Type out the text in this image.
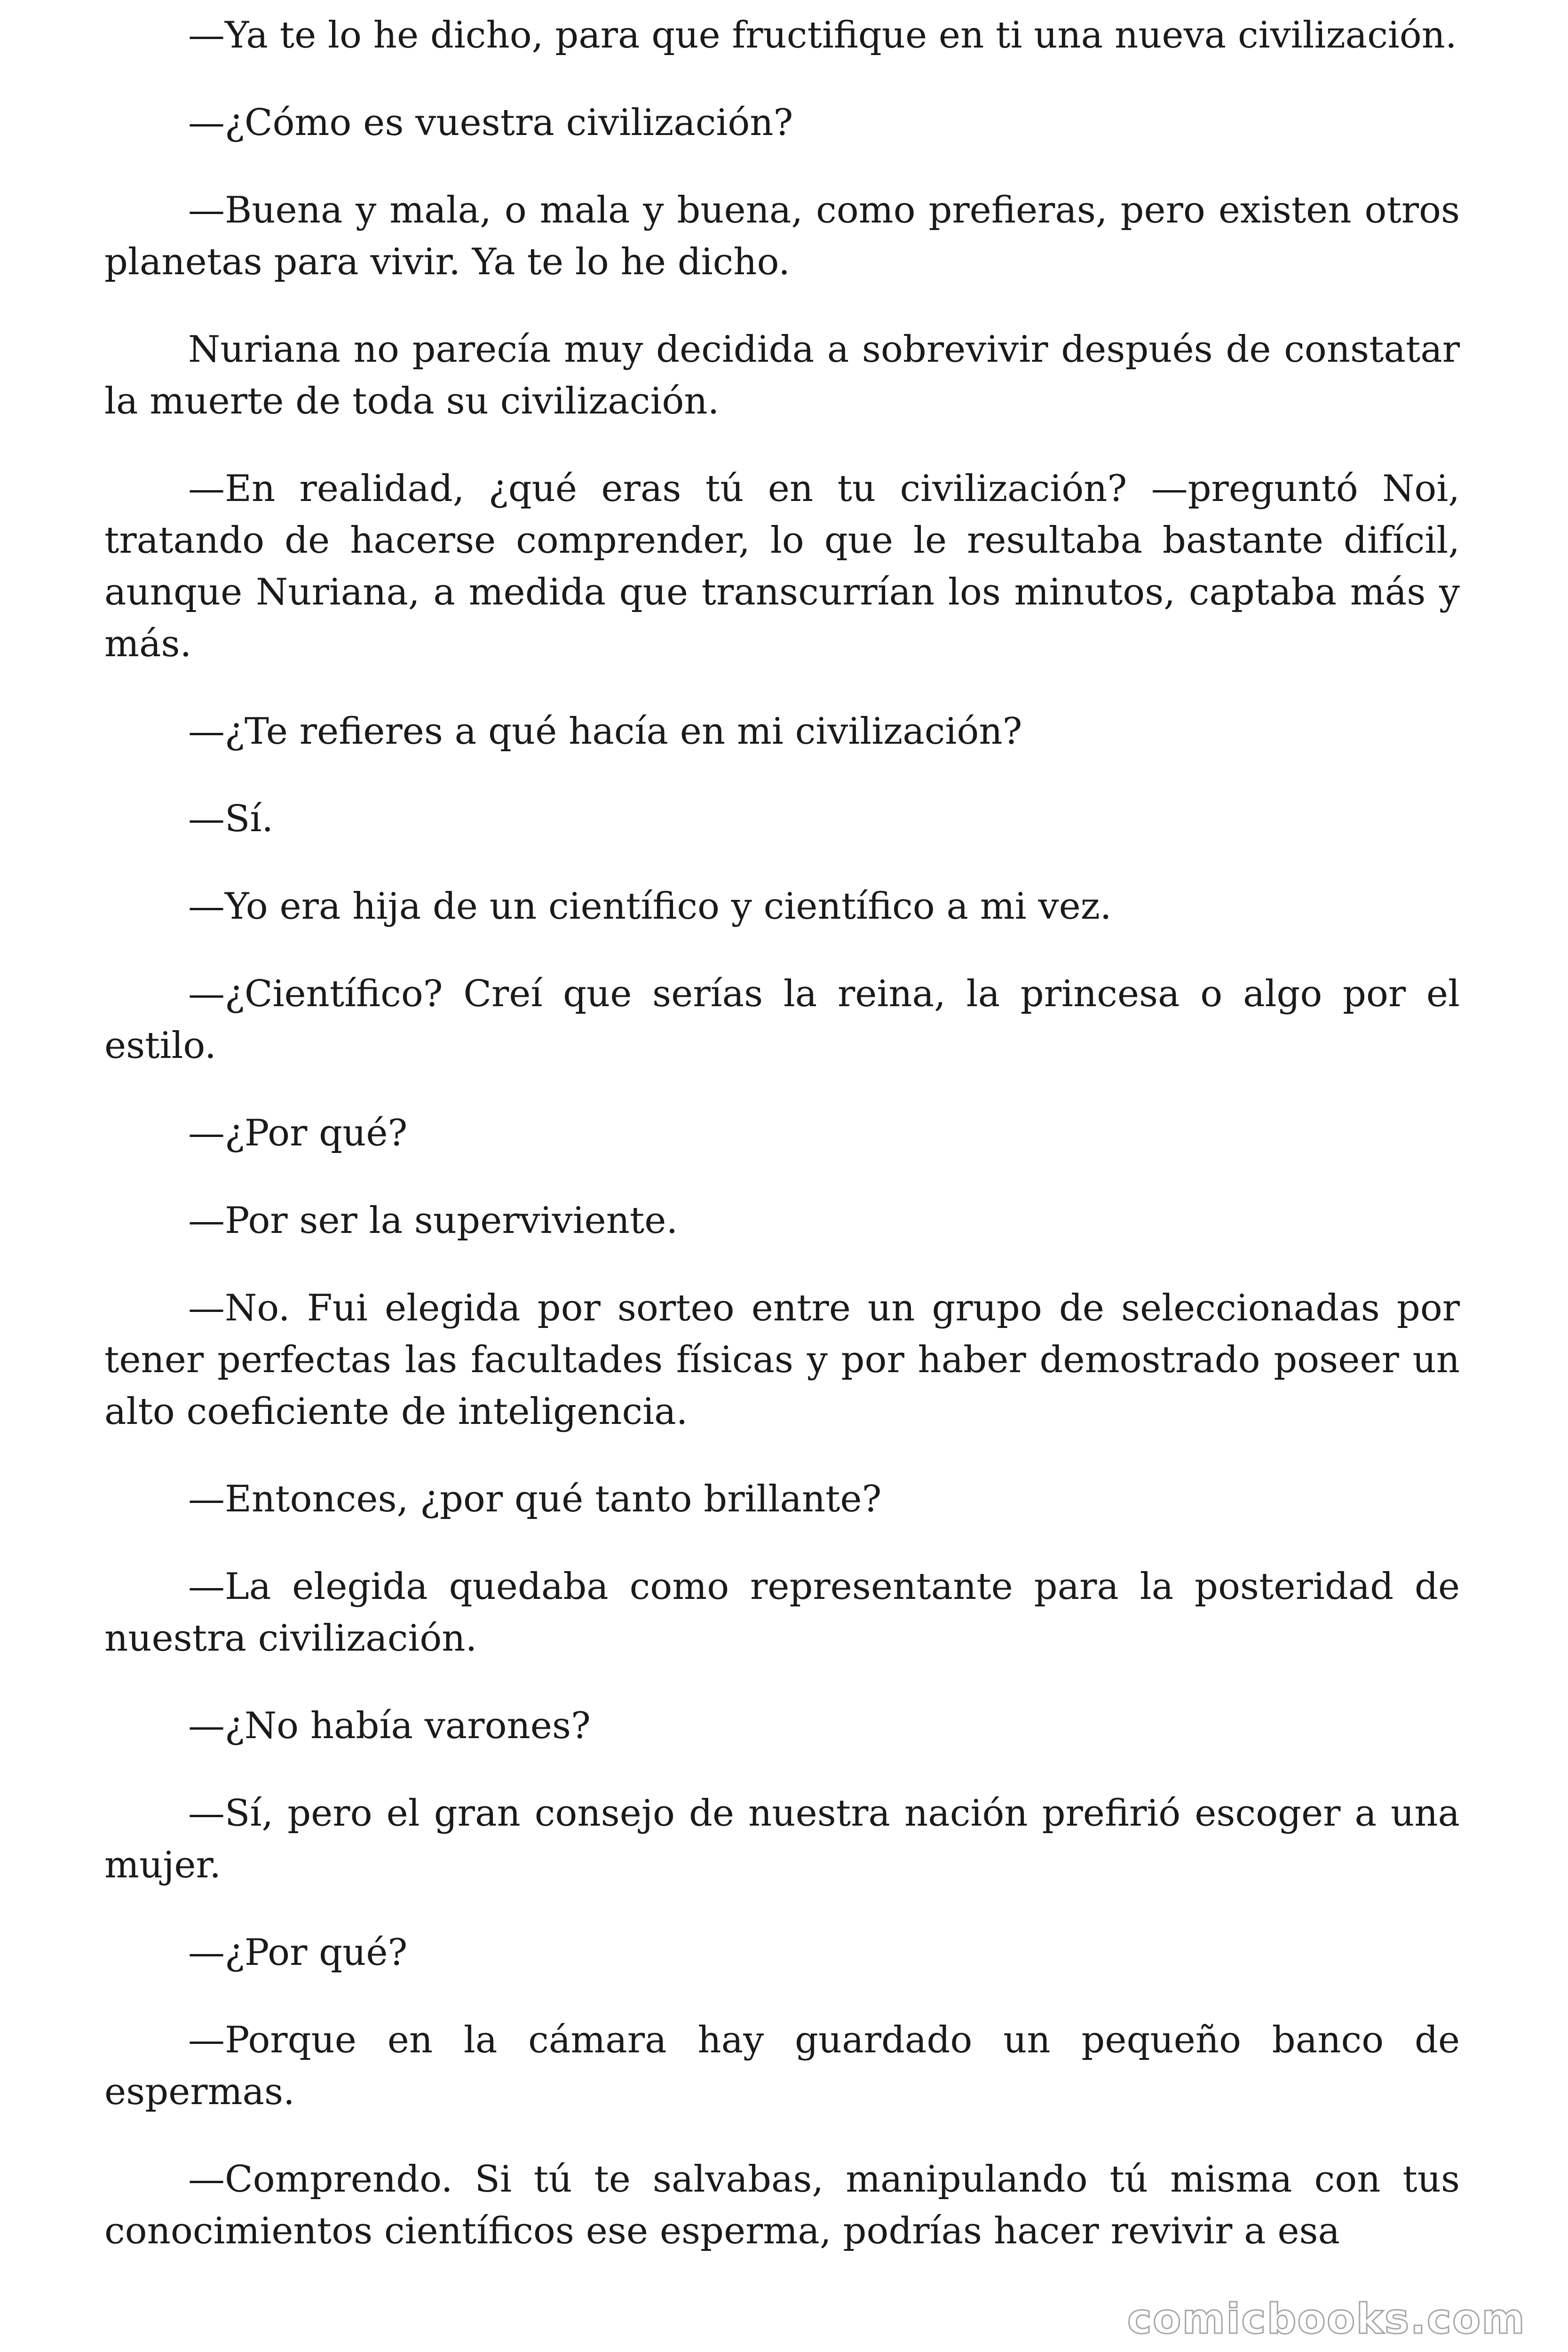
—Ya te lo he dicho, para que fructifique en ti una nueva civilización.

—¿Cómo es vuestra civilización?

—Buena y mala, o mala y buena, como prefieras, pero existen otros planetas para vivir. Ya te lo he dicho.

Nuriana no parecía muy decidida a sobrevivir después de constatar la muerte de toda su civilización.

—En realidad, ¿qué eras tú en tu civilización? —preguntó Noi, tratando de hacerse comprender, lo que le resultaba bastante difícil, aunque Nuriana, a medida que transcurrían los minutos, captaba más y más.

—¿Te refieres a qué hacía en mi civilización?

—Sí.

—Yo era hija de un científico y científico a mi vez.

—¿Científico? Creí que serías la reina, la princesa o algo por el estilo.

—¿Por qué?

—Por ser la superviviente.

—No. Fui elegida por sorteo entre un grupo de seleccionadas por tener perfectas las facultades físicas y por haber demostrado poseer un alto coeficiente de inteligencia.

—Entonces, ¿por qué tanto brillante?

—La elegida quedaba como representante para la posteridad de nuestra civilización.

—¿No había varones?

—Sí, pero el gran consejo de nuestra nación prefirió escoger a una mujer.

—¿Por qué?

—Porque en la cámara hay guardado un pequeño banco de espermas.

—Comprendo. Si tú te salvabas, manipulando tú misma con tus conocimientos científicos ese esperma, podrías hacer revivir a esa

comicbooks.com
